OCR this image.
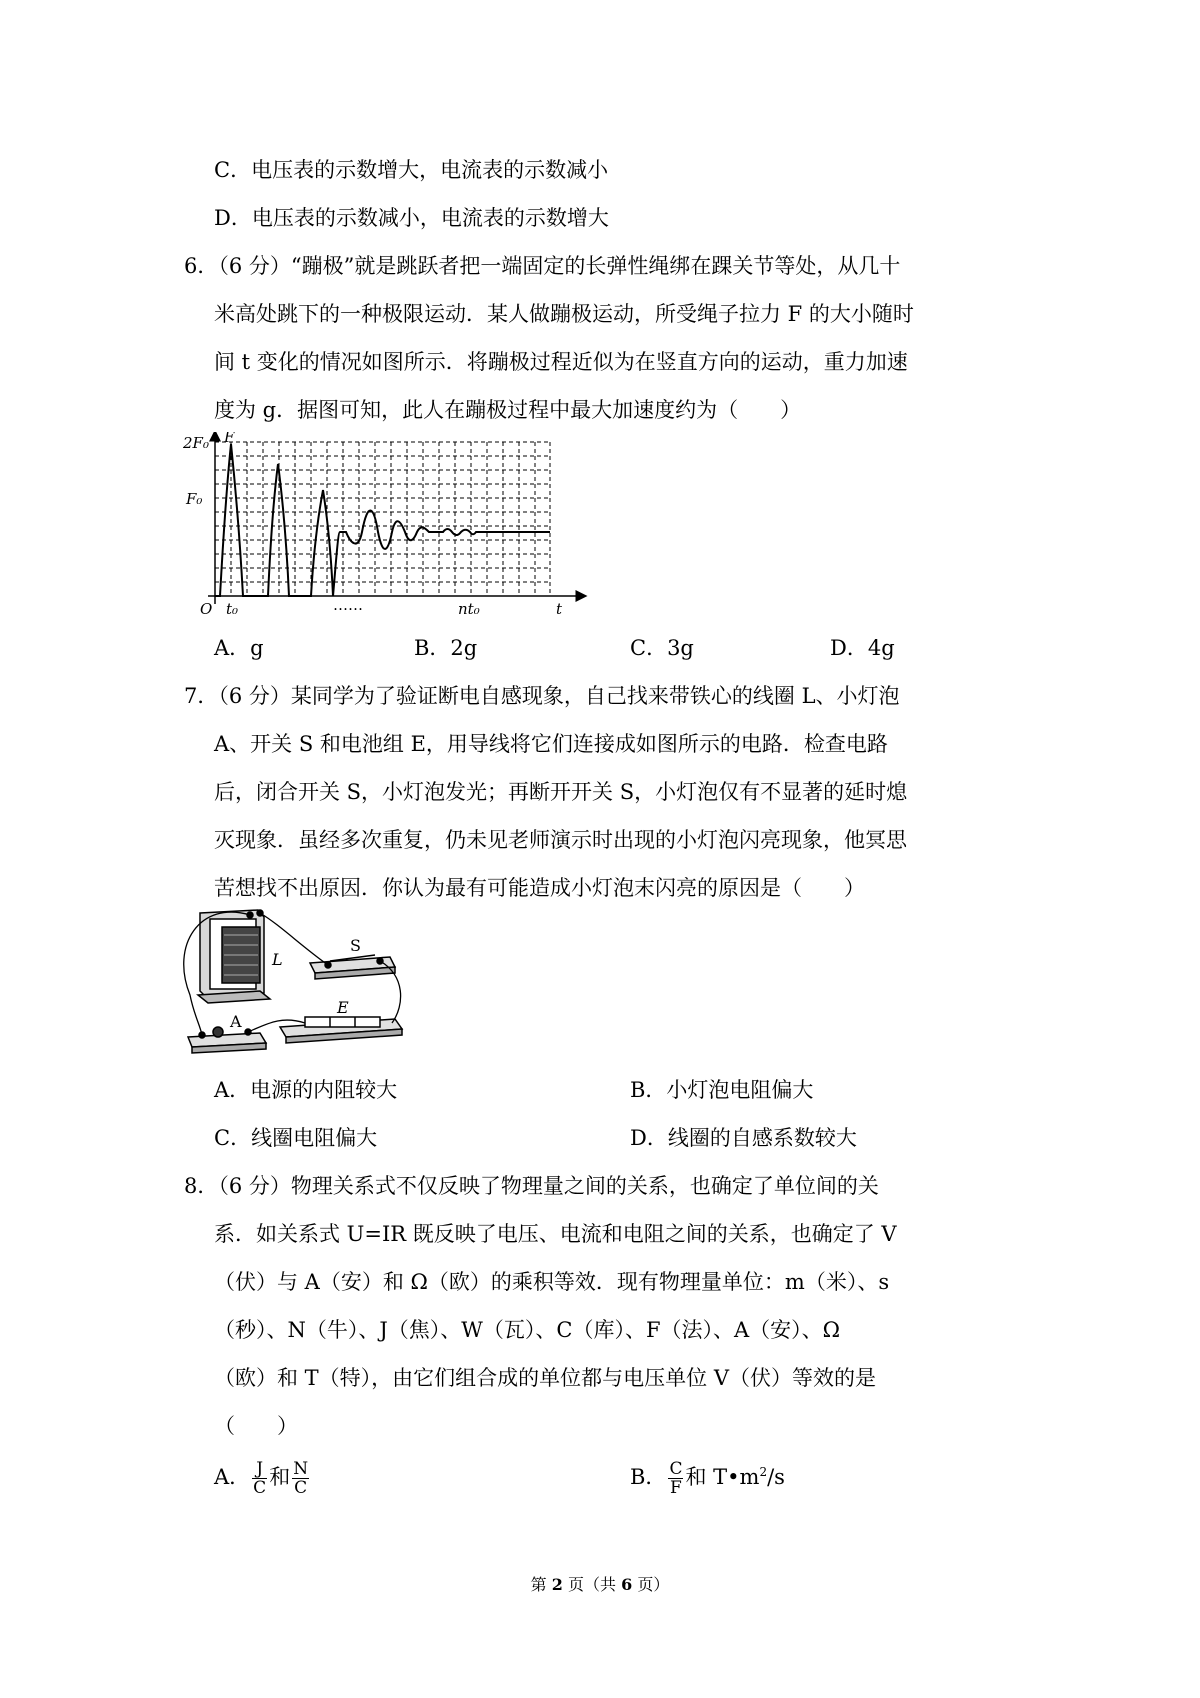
C．电压表的示数增大，电流表的示数减小
D．电压表的示数减小，电流表的示数增大
6．（6 分）“蹦极”就是跳跃者把一端固定的长弹性绳绑在踝关节等处，从几十
米高处跳下的一种极限运动．某人做蹦极运动，所受绳子拉力 F 的大小随时
间 t 变化的情况如图所示．将蹦极过程近似为在竖直方向的运动，重力加速
度为 g．据图可知，此人在蹦极过程中最大加速度约为（　　）
2F₀
F₀
F
O t₀	……	nt₀	t
A．g	B．2g	C．3g	D．4g
7．（6 分）某同学为了验证断电自感现象，自己找来带铁心的线圈 L、小灯泡
A、开关 S 和电池组 E，用导线将它们连接成如图所示的电路．检查电路
后，闭合开关 S，小灯泡发光；再断开开关 S，小灯泡仅有不显著的延时熄
灭现象．虽经多次重复，仍未见老师演示时出现的小灯泡闪亮现象，他冥思
苦想找不出原因．你认为最有可能造成小灯泡末闪亮的原因是（　　）
S
L
E
A
A．电源的内阻较大	B．小灯泡电阻偏大
C．线圈电阻偏大	D．线圈的自感系数较大
8．（6 分）物理关系式不仅反映了物理量之间的关系，也确定了单位间的关
系．如关系式 U=IR 既反映了电压、电流和电阻之间的关系，也确定了 V
（伏）与 A（安）和 Ω（欧）的乘积等效．现有物理量单位：m（米）、s
（秒）、N（牛）、J（焦）、W（瓦）、C（库）、F（法）、A（安）、Ω
（欧）和 T（特），由它们组合成的单位都与电压单位 V（伏）等效的是
（　　）
A． $\frac{J}{C}$ 和 $\frac{N}{C}$	B． $\frac{C}{F}$ 和 $T•m^2/s$
第 2 页（共 6 页）
